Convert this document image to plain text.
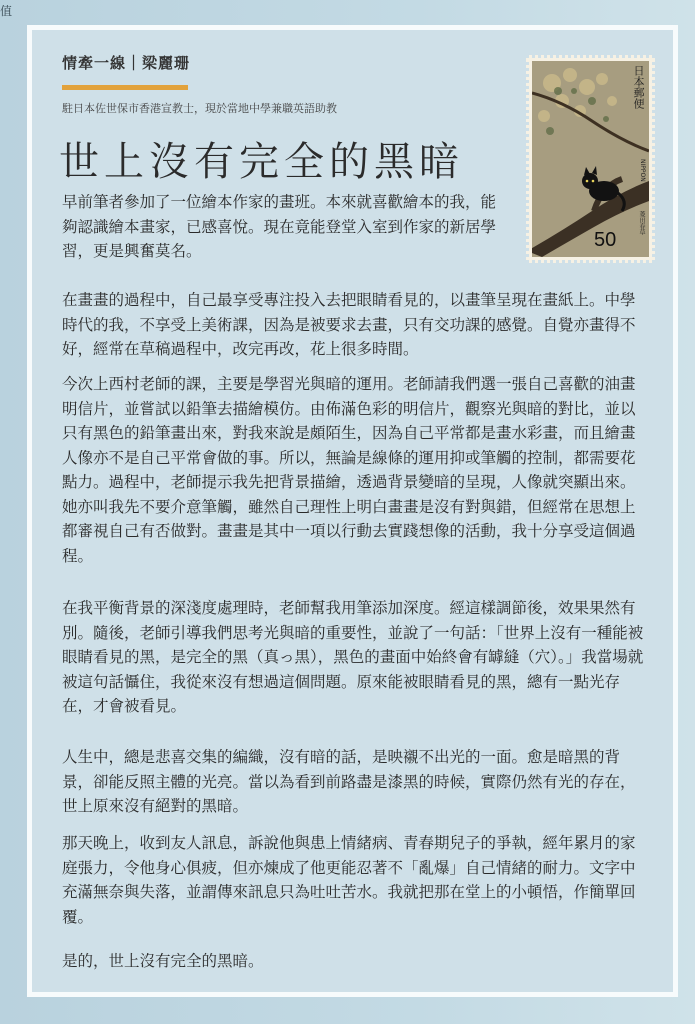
值
情牽一線｜梁麗珊
駐日本佐世保市香港宣教士，現於當地中學兼職英語助教
世上沒有完全的黑暗
日本郵便
NIPPON
菱田春草
50

早前筆者參加了一位繪本作家的畫班。本來就喜歡繪本的我，能夠認識繪本畫家，已感喜悅。現在竟能登堂入室到作家的新居學習，更是興奮莫名。

在畫畫的過程中，自己最享受專注投入去把眼睛看見的，以畫筆呈現在畫紙上。中學時代的我，不享受上美術課，因為是被要求去畫，只有交功課的感覺。自覺亦畫得不好，經常在草稿過程中，改完再改，花上很多時間。

今次上西村老師的課，主要是學習光與暗的運用。老師請我們選一張自己喜歡的油畫明信片，並嘗試以鉛筆去描繪模仿。由佈滿色彩的明信片，觀察光與暗的對比，並以只有黑色的鉛筆畫出來，對我來說是頗陌生，因為自己平常都是畫水彩畫，而且繪畫人像亦不是自己平常會做的事。所以，無論是線條的運用抑或筆觸的控制，都需要花點力。過程中，老師提示我先把背景描繪，透過背景變暗的呈現，人像就突顯出來。她亦叫我先不要介意筆觸，雖然自己理性上明白畫畫是沒有對與錯，但經常在思想上都審視自己有否做對。畫畫是其中一項以行動去實踐想像的活動，我十分享受這個過程。

在我平衡背景的深淺度處理時，老師幫我用筆添加深度。經這樣調節後，效果果然有別。隨後，老師引導我們思考光與暗的重要性，並說了一句話：「世界上沒有一種能被眼睛看見的黑，是完全的黑（真っ黒），黑色的畫面中始終會有罅縫（穴）。」我當場就被這句話懾住，我從來沒有想過這個問題。原來能被眼睛看見的黑，總有一點光存在，才會被看見。

人生中，總是悲喜交集的編織，沒有暗的話，是映襯不出光的一面。愈是暗黑的背景，卻能反照主體的光亮。當以為看到前路盡是漆黑的時候，實際仍然有光的存在，世上原來沒有絕對的黑暗。

那天晚上，收到友人訊息，訴說他與患上情緒病、青春期兒子的爭執，經年累月的家庭張力，令他身心俱疲，但亦煉成了他更能忍著不「亂爆」自己情緒的耐力。文字中充滿無奈與失落，並謂傳來訊息只為吐吐苦水。我就把那在堂上的小頓悟，作簡單回覆。

是的，世上沒有完全的黑暗。
